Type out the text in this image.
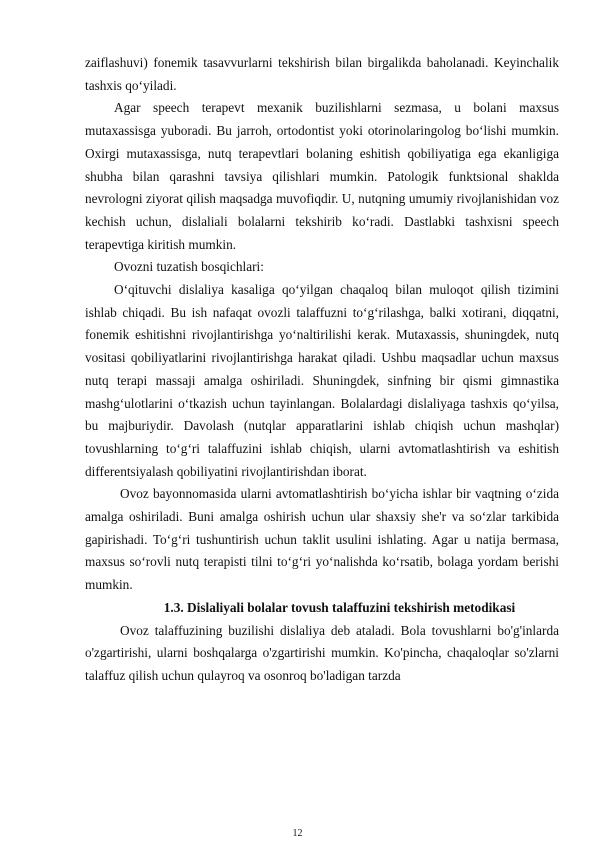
zaiflashuvi) fonemik tasavvurlarni tekshirish bilan birgalikda baholanadi. Keyinchalik tashxis qo‘yiladi.

Agar speech terapevt mexanik buzilishlarni sezmasa, u bolani maxsus mutaxassisga yuboradi. Bu jarroh, ortodontist yoki otorinolaringolog bo‘lishi mumkin. Oxirgi mutaxassisga, nutq terapevtlari bolaning eshitish qobiliyatiga ega ekanligiga shubha bilan qarashni tavsiya qilishlari mumkin. Patologik funktsional shaklda nevrologni ziyorat qilish maqsadga muvofiqdir. U, nutqning umumiy rivojlanishidan voz kechish uchun, dislaliali bolalarni tekshirib ko‘radi. Dastlabki tashxisni speech terapevtiga kiritish mumkin.

Ovozni tuzatish bosqichlari:

O‘qituvchi dislaliya kasaliga qo‘yilgan chaqaloq bilan muloqot qilish tizimini ishlab chiqadi. Bu ish nafaqat ovozli talaffuzni to‘g‘rilashga, balki xotirani, diqqatni, fonemik eshitishni rivojlantirishga yo‘naltirilishi kerak. Mutaxassis, shuningdek, nutq vositasi qobiliyatlarini rivojlantirishga harakat qiladi. Ushbu maqsadlar uchun maxsus nutq terapi massaji amalga oshiriladi. Shuningdek, sinfning bir qismi gimnastika mashg‘ulotlarini o‘tkazish uchun tayinlangan. Bolalardagi dislaliyaga tashxis qo‘yilsa, bu majburiydir. Davolash (nutqlar apparatlarini ishlab chiqish uchun mashqlar) tovushlarning to‘g‘ri talaffuzini ishlab chiqish, ularni avtomatlashtirish va eshitish differentsiyalash qobiliyatini rivojlantirishdan iborat.

Ovoz bayonnomasida ularni avtomatlashtirish bo‘yicha ishlar bir vaqtning o‘zida amalga oshiriladi. Buni amalga oshirish uchun ular shaxsiy she'r va so‘zlar tarkibida gapirishadi. To‘g‘ri tushuntirish uchun taklit usulini ishlating. Agar u natija bermasa, maxsus so‘rovli nutq terapisti tilni to‘g‘ri yo‘nalishda ko‘rsatib, bolaga yordam berishi mumkin.

1.3. Dislaliyali bolalar tovush talaffuzini tekshirish metodikasi

Ovoz talaffuzining buzilishi dislaliya deb ataladi. Bola tovushlarni bo'g'inlarda o'zgartirishi, ularni boshqalarga o'zgartirishi mumkin. Ko'pincha, chaqaloqlar so'zlarni talaffuz qilish uchun qulayroq va osonroq bo'ladigan tarzda

12
